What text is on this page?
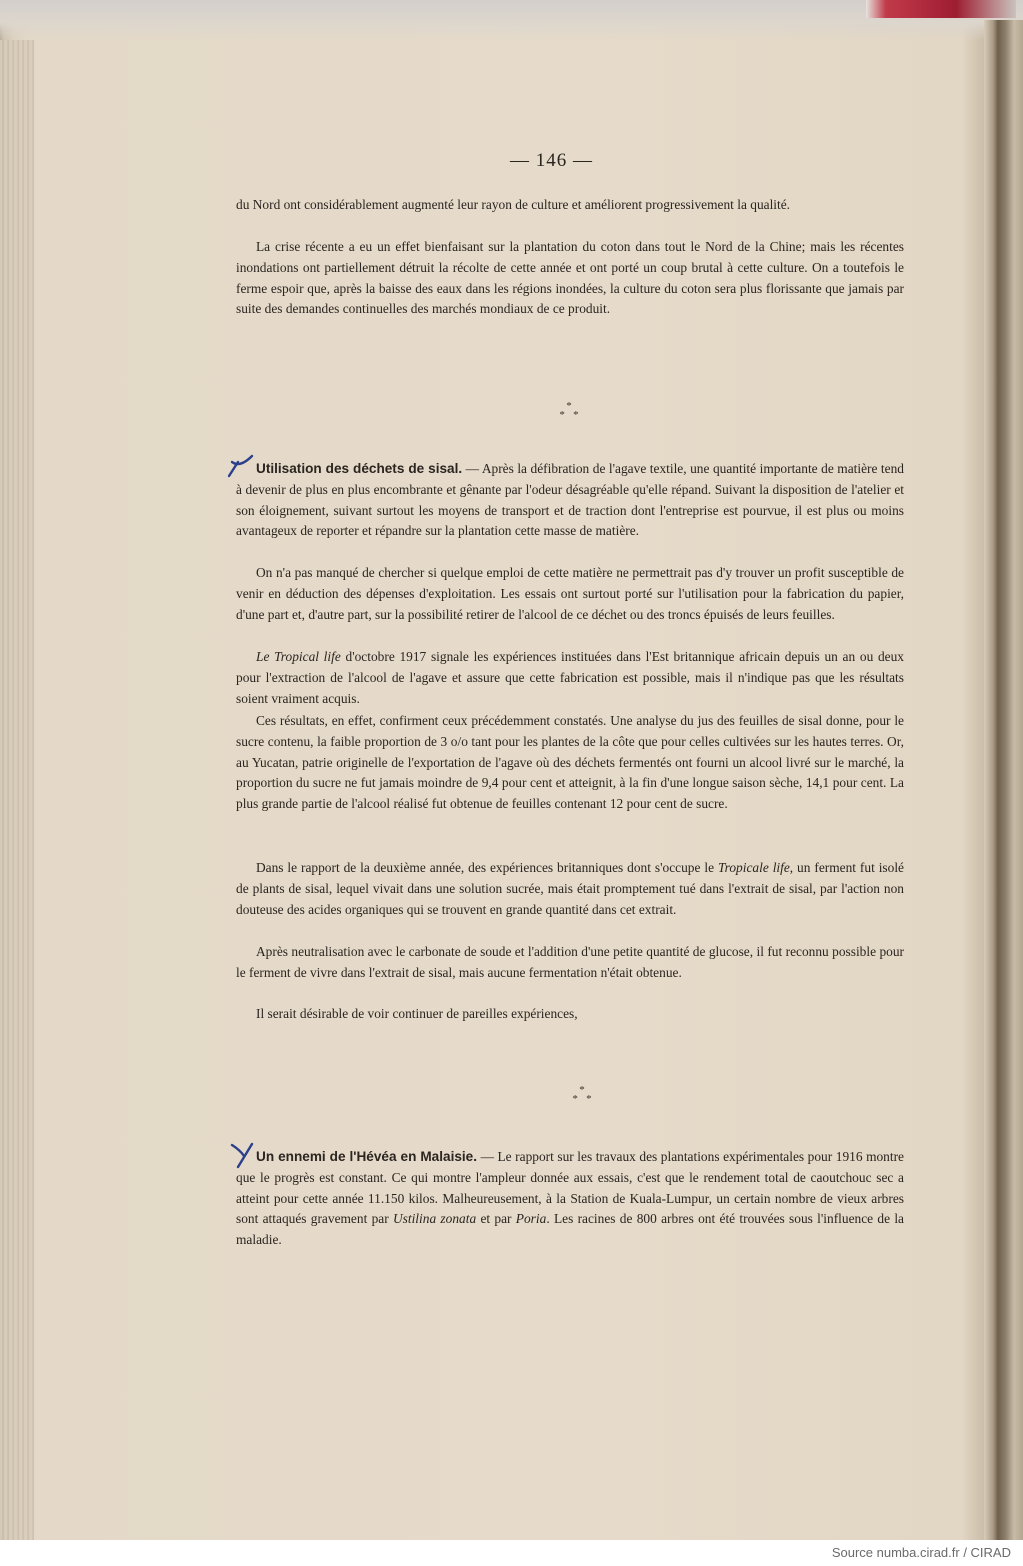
— 146 —

du Nord ont considérablement augmenté leur rayon de culture et améliorent progressivement la qualité.

La crise récente a eu un effet bienfaisant sur la plantation du coton dans tout le Nord de la Chine; mais les récentes inondations ont partiellement détruit la récolte de cette année et ont porté un coup brutal à cette culture. On a toutefois le ferme espoir que, après la baisse des eaux dans les régions inondées, la culture du coton sera plus florissante que jamais par suite des demandes continuelles des marchés mondiaux de ce produit.

*
* *

Utilisation des déchets de sisal. — Après la défibration de l'agave textile, une quantité importante de matière tend à devenir de plus en plus encombrante et gênante par l'odeur désagréable qu'elle répand. Suivant la disposition de l'atelier et son éloignement, suivant surtout les moyens de transport et de traction dont l'entreprise est pourvue, il est plus ou moins avantageux de reporter et répandre sur la plantation cette masse de matière.

On n'a pas manqué de chercher si quelque emploi de cette matière ne permettrait pas d'y trouver un profit susceptible de venir en déduction des dépenses d'exploitation. Les essais ont surtout porté sur l'utilisation pour la fabrication du papier, d'une part et, d'autre part, sur la possibilité retirer de l'alcool de ce déchet ou des troncs épuisés de leurs feuilles.

Le Tropical life d'octobre 1917 signale les expériences instituées dans l'Est britannique africain depuis un an ou deux pour l'extraction de l'alcool de l'agave et assure que cette fabrication est possible, mais il n'indique pas que les résultats soient vraiment acquis.

Ces résultats, en effet, confirment ceux précédemment constatés. Une analyse du jus des feuilles de sisal donne, pour le sucre contenu, la faible proportion de 3 o/o tant pour les plantes de la côte que pour celles cultivées sur les hautes terres. Or, au Yucatan, patrie originelle de l'exportation de l'agave où des déchets fermentés ont fourni un alcool livré sur le marché, la proportion du sucre ne fut jamais moindre de 9,4 pour cent et atteignit, à la fin d'une longue saison sèche, 14,1 pour cent. La plus grande partie de l'alcool réalisé fut obtenue de feuilles contenant 12 pour cent de sucre.

Dans le rapport de la deuxième année, des expériences britanniques dont s'occupe le Tropicale life, un ferment fut isolé de plants de sisal, lequel vivait dans une solution sucrée, mais était promptement tué dans l'extrait de sisal, par l'action non douteuse des acides organiques qui se trouvent en grande quantité dans cet extrait.

Après neutralisation avec le carbonate de soude et l'addition d'une petite quantité de glucose, il fut reconnu possible pour le ferment de vivre dans l'extrait de sisal, mais aucune fermentation n'était obtenue.

Il serait désirable de voir continuer de pareilles expériences,

*
* *

Un ennemi de l'Hévéa en Malaisie. — Le rapport sur les travaux des plantations expérimentales pour 1916 montre que le progrès est constant. Ce qui montre l'ampleur donnée aux essais, c'est que le rendement total de caoutchouc sec a atteint pour cette année 11.150 kilos. Malheureusement, à la Station de Kuala-Lumpur, un certain nombre de vieux arbres sont attaqués gravement par Ustilina zonata et par Poria. Les racines de 800 arbres ont été trouvées sous l'influence de la maladie.

Source numba.cirad.fr / CIRAD
